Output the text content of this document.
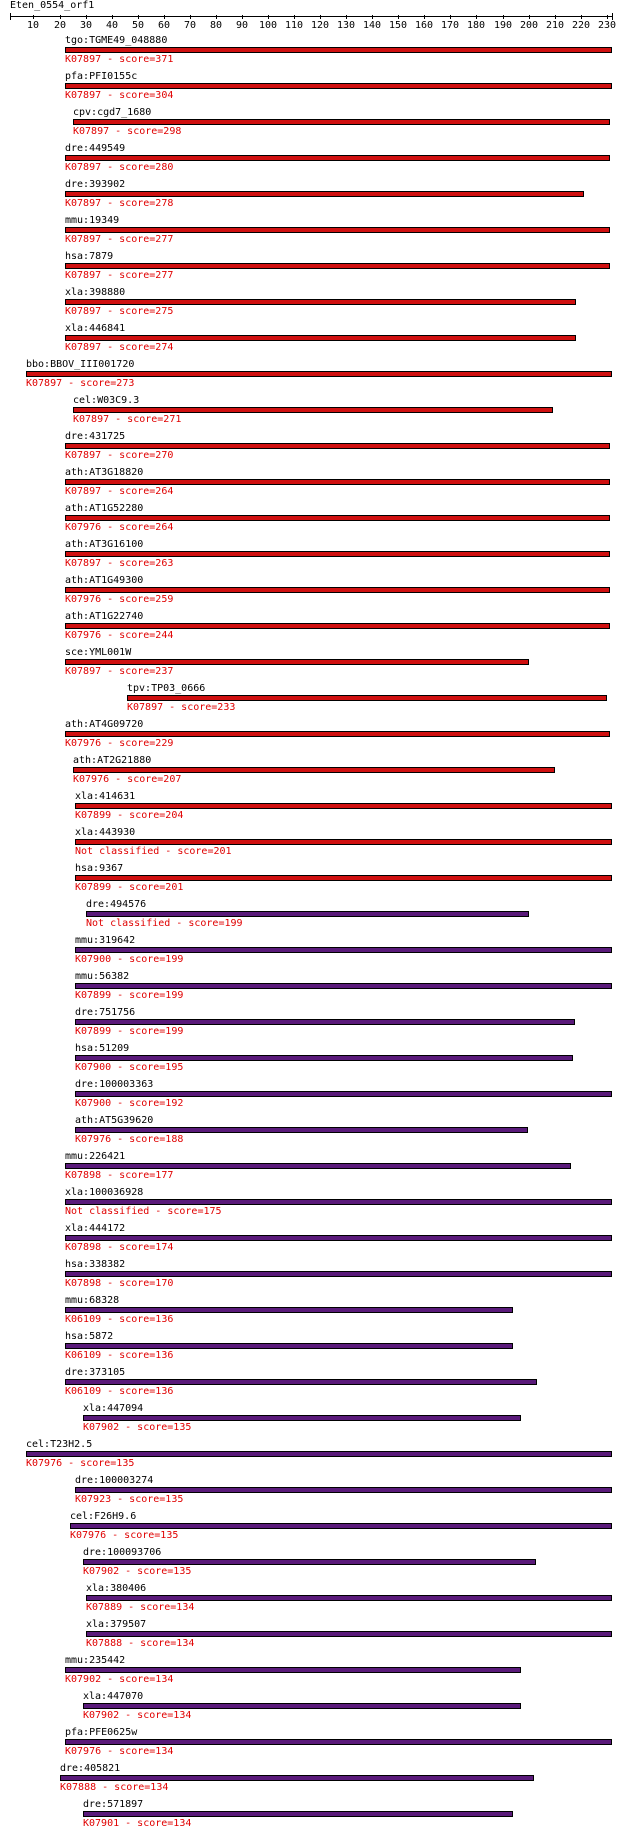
Eten_0554_orf1
10 20 30 40 50 60 70 80 90 100 110 120 130 140 150 160 170 180 190 200 210 220 230
tgo:TGME49_048880
K07897 - score=371
pfa:PFI0155c
K07897 - score=304
cpv:cgd7_1680
K07897 - score=298
dre:449549
K07897 - score=280
dre:393902
K07897 - score=278
mmu:19349
K07897 - score=277
hsa:7879
K07897 - score=277
xla:398880
K07897 - score=275
xla:446841
K07897 - score=274
bbo:BBOV_III001720
K07897 - score=273
cel:W03C9.3
K07897 - score=271
dre:431725
K07897 - score=270
ath:AT3G18820
K07897 - score=264
ath:AT1G52280
K07976 - score=264
ath:AT3G16100
K07897 - score=263
ath:AT1G49300
K07976 - score=259
ath:AT1G22740
K07976 - score=244
sce:YML001W
K07897 - score=237
tpv:TP03_0666
K07897 - score=233
ath:AT4G09720
K07976 - score=229
ath:AT2G21880
K07976 - score=207
xla:414631
K07899 - score=204
xla:443930
Not classified - score=201
hsa:9367
K07899 - score=201
dre:494576
Not classified - score=199
mmu:319642
K07900 - score=199
mmu:56382
K07899 - score=199
dre:751756
K07899 - score=199
hsa:51209
K07900 - score=195
dre:100003363
K07900 - score=192
ath:AT5G39620
K07976 - score=188
mmu:226421
K07898 - score=177
xla:100036928
Not classified - score=175
xla:444172
K07898 - score=174
hsa:338382
K07898 - score=170
mmu:68328
K06109 - score=136
hsa:5872
K06109 - score=136
dre:373105
K06109 - score=136
xla:447094
K07902 - score=135
cel:T23H2.5
K07976 - score=135
dre:100003274
K07923 - score=135
cel:F26H9.6
K07976 - score=135
dre:100093706
K07902 - score=135
xla:380406
K07889 - score=134
xla:379507
K07888 - score=134
mmu:235442
K07902 - score=134
xla:447070
K07902 - score=134
pfa:PFE0625w
K07976 - score=134
dre:405821
K07888 - score=134
dre:571897
K07901 - score=134
